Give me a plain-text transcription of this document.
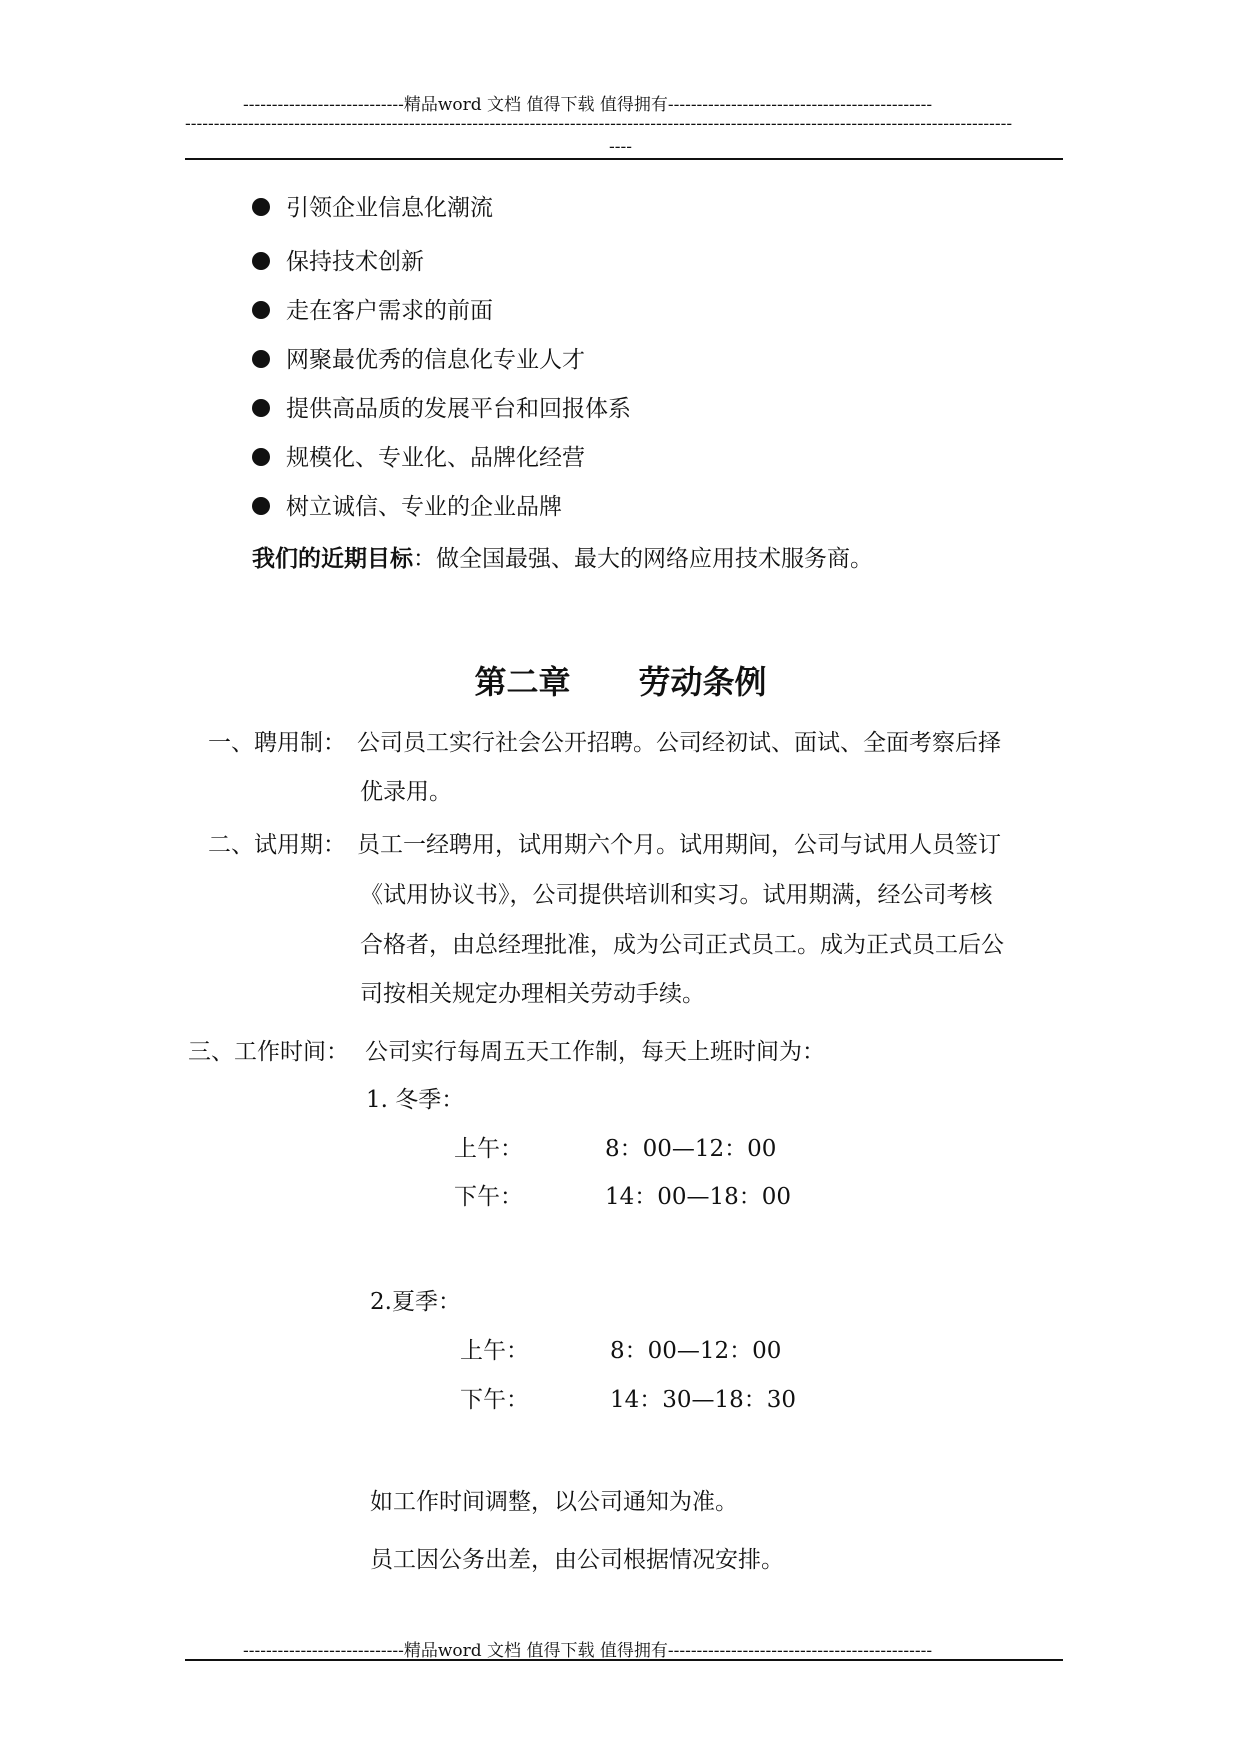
----------------------------精品word 文档 值得下载 值得拥有----------------------------------------------
------------------------------------------------------------------------------------------------------------------------------------------------
----
引领企业信息化潮流
保持技术创新
走在客户需求的前面
网聚最优秀的信息化专业人才
提供高品质的发展平台和回报体系
规模化、专业化、品牌化经营
树立诚信、专业的企业品牌
我们的近期目标：做全国最强、最大的网络应用技术服务商。
第二章 劳动条例
一、聘用制： 公司员工实行社会公开招聘。公司经初试、面试、全面考察后择
优录用。
二、试用期： 员工一经聘用，试用期六个月。试用期间，公司与试用人员签订
《试用协议书》，公司提供培训和实习。试用期满，经公司考核
合格者，由总经理批准，成为公司正式员工。成为正式员工后公
司按相关规定办理相关劳动手续。
三、工作时间： 公司实行每周五天工作制，每天上班时间为：
1. 冬季：
上午：	8：00—12：00
下午：	14：00—18：00
2.夏季：
上午：	8：00—12：00
下午：	14：30—18：30
如工作时间调整，以公司通知为准。
员工因公务出差，由公司根据情况安排。
----------------------------精品word 文档 值得下载 值得拥有----------------------------------------------
